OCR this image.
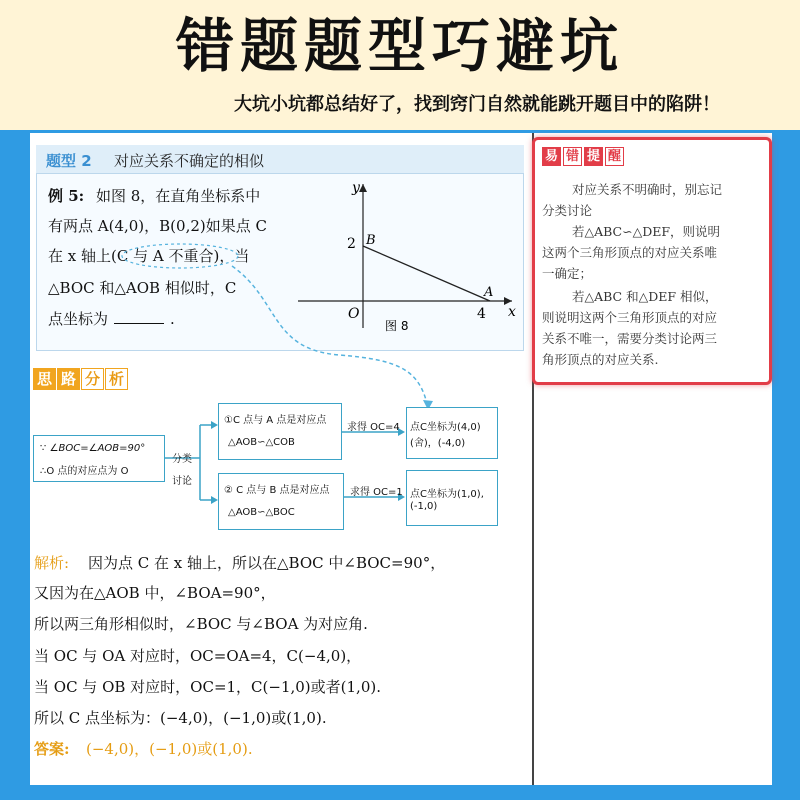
错题题型巧避坑
大坑小坑都总结好了，找到窍门自然就能跳开题目中的陷阱！
题型 2 对应关系不确定的相似
例 5: 如图 8，在直角坐标系中
有两点 A(4,0)，B(0,2)如果点 C
在 x 轴上(C 与 A 不重合)，当
△BOC 和△AOB 相似时，C
点坐标为	.	x
y
O	4
2 B
A
图 8
思 路 分 析
∵ ∠BOC=∠AOB=90°
∴O 点的对应点为 O
分类
讨论
①C 点与 A 点是对应点
△AOB∽△COB
② C 点与 B 点是对应点
△AOB∽△BOC
求得 OC=4
求得 OC=1
点C坐标为(4,0)
(舍)，(-4,0)
点C坐标为(1,0),
(-1,0)
解析: 因为点 C 在 x 轴上，所以在△BOC 中∠BOC=90°，
又因为在△AOB 中，∠BOA=90°，
所以两三角形相似时，∠BOC 与∠BOA 为对应角.
当 OC 与 OA 对应时，OC=OA=4，C(−4,0)，
当 OC 与 OB 对应时，OC=1，C(−1,0)或者(1,0).
所以 C 点坐标为：(−4,0)，(−1,0)或(1,0).
答案: (−4,0)，(−1,0)或(1,0).
易 错 提 醒
对应关系不明确时，别忘记
分类讨论
若△ABC∽△DEF，则说明
这两个三角形顶点的对应关系唯
一确定；
若△ABC 和△DEF 相似，
则说明这两个三角形顶点的对应
关系不唯一，需要分类讨论两三
角形顶点的对应关系.
